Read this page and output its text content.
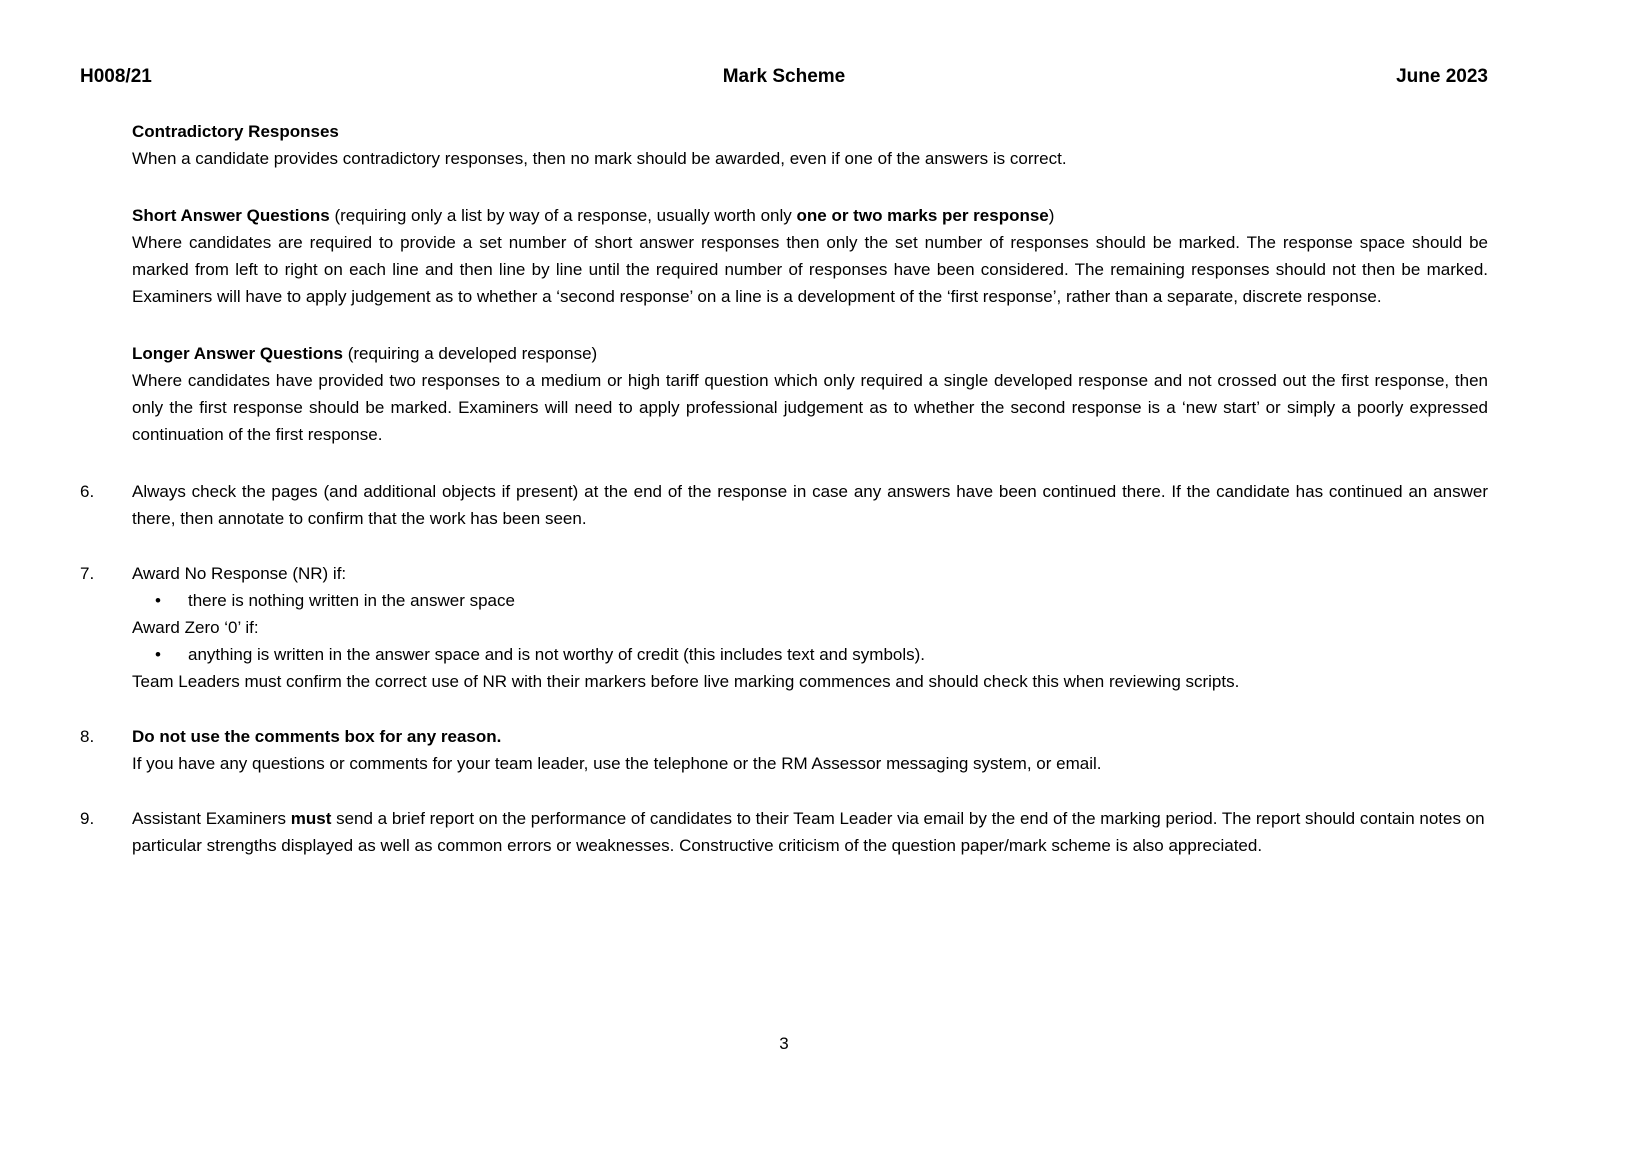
H008/21	Mark Scheme	June 2023
Contradictory Responses

When a candidate provides contradictory responses, then no mark should be awarded, even if one of the answers is correct.

Short Answer Questions (requiring only a list by way of a response, usually worth only one or two marks per response)

Where candidates are required to provide a set number of short answer responses then only the set number of responses should be marked. The response space should be marked from left to right on each line and then line by line until the required number of responses have been considered. The remaining responses should not then be marked. Examiners will have to apply judgement as to whether a ‘second response’ on a line is a development of the ‘first response’, rather than a separate, discrete response.

Longer Answer Questions (requiring a developed response)

Where candidates have provided two responses to a medium or high tariff question which only required a single developed response and not crossed out the first response, then only the first response should be marked. Examiners will need to apply professional judgement as to whether the second response is a ‘new start’ or simply a poorly expressed continuation of the first response.

6.	Always check the pages (and additional objects if present) at the end of the response in case any answers have been continued there. If the candidate has continued an answer there, then annotate to confirm that the work has been seen.

7.	Award No Response (NR) if:

•	there is nothing written in the answer space

Award Zero ‘0’ if:

•	anything is written in the answer space and is not worthy of credit (this includes text and symbols).

Team Leaders must confirm the correct use of NR with their markers before live marking commences and should check this when reviewing scripts.

8.	Do not use the comments box for any reason.

If you have any questions or comments for your team leader, use the telephone or the RM Assessor messaging system, or email.

9.	Assistant Examiners must send a brief report on the performance of candidates to their Team Leader via email by the end of the marking period. The report should contain notes on particular strengths displayed as well as common errors or weaknesses. Constructive criticism of the question paper/mark scheme is also appreciated.

3
